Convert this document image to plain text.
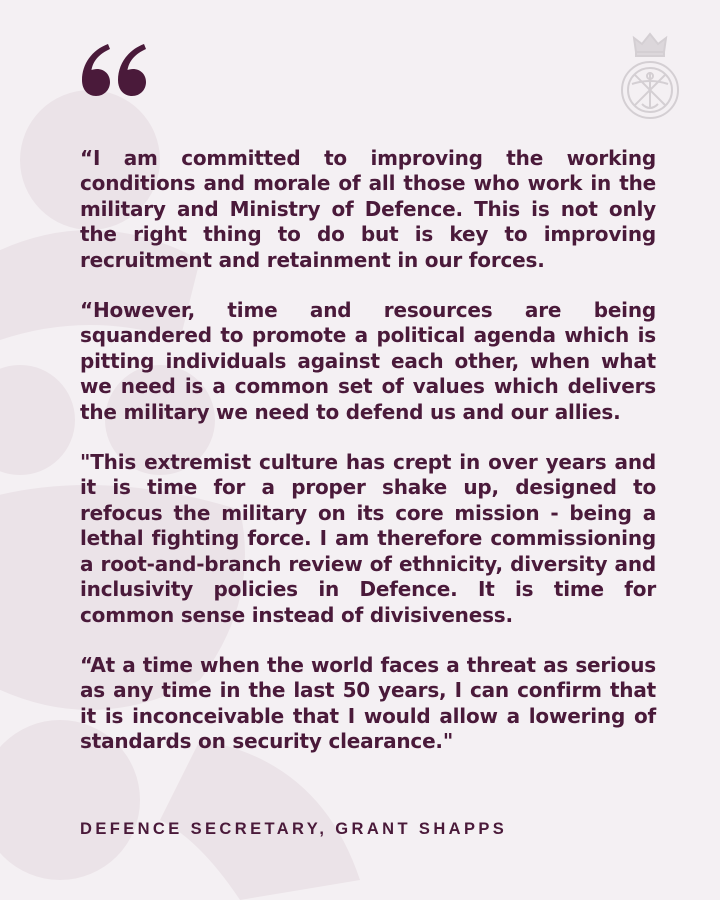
“I am committed to improving the working conditions and morale of all those who work in the military and Ministry of Defence. This is not only the right thing to do but is key to improving recruitment and retainment in our forces.

“However, time and resources are being squandered to promote a political agenda which is pitting individuals against each other, when what we need is a common set of values which delivers the military we need to defend us and our allies.

"This extremist culture has crept in over years and it is time for a proper shake up, designed to refocus the military on its core mission - being a lethal fighting force. I am therefore commissioning a root-and-branch review of ethnicity, diversity and inclusivity policies in Defence. It is time for common sense instead of divisiveness.

“At a time when the world faces a threat as serious as any time in the last 50 years, I can confirm that it is inconceivable that I would allow a lowering of standards on security clearance."

DEFENCE SECRETARY, GRANT SHAPPS
